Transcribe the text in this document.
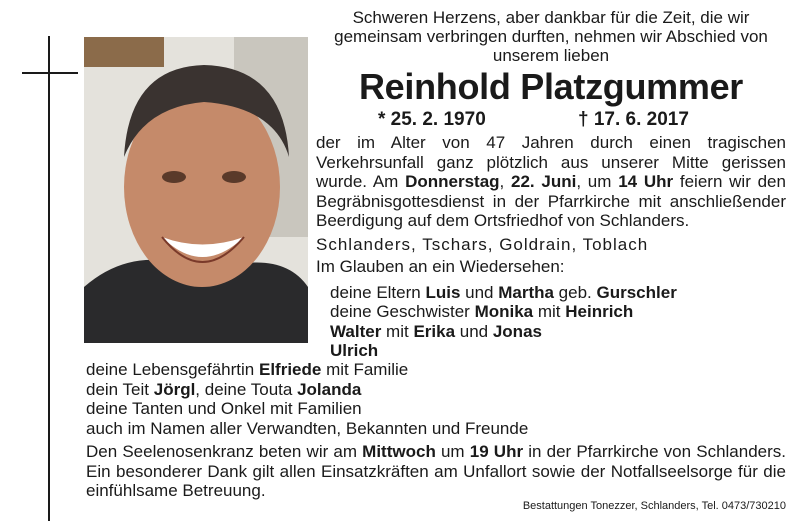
Schweren Herzens, aber dankbar für die Zeit, die wir gemeinsam verbringen durften, nehmen wir Abschied von unserem lieben

Reinhold Platzgummer
* 25. 2. 1970	† 17. 6. 2017

der im Alter von 47 Jahren durch einen tragischen Verkehrsunfall ganz plötzlich aus unserer Mitte gerissen wurde. Am Donnerstag, 22. Juni, um 14 Uhr feiern wir den Begräbnisgottesdienst in der Pfarrkirche mit anschließender Beerdigung auf dem Ortsfriedhof von Schlanders.

Schlanders, Tschars, Goldrain, Toblach

Im Glauben an ein Wiedersehen:

deine Eltern Luis und Martha geb. Gurschler
deine Geschwister Monika mit Heinrich
Walter mit Erika und Jonas
Ulrich
deine Lebensgefährtin Elfriede mit Familie
dein Teit Jörgl, deine Touta Jolanda
deine Tanten und Onkel mit Familien
auch im Namen aller Verwandten, Bekannten und Freunde

Den Seelenosenkranz beten wir am Mittwoch um 19 Uhr in der Pfarrkirche von Schlanders. Ein besonderer Dank gilt allen Einsatzkräften am Unfallort sowie der Notfallseelsorge für die einfühlsame Betreuung.

Bestattungen Tonezzer, Schlanders, Tel. 0473/730210
